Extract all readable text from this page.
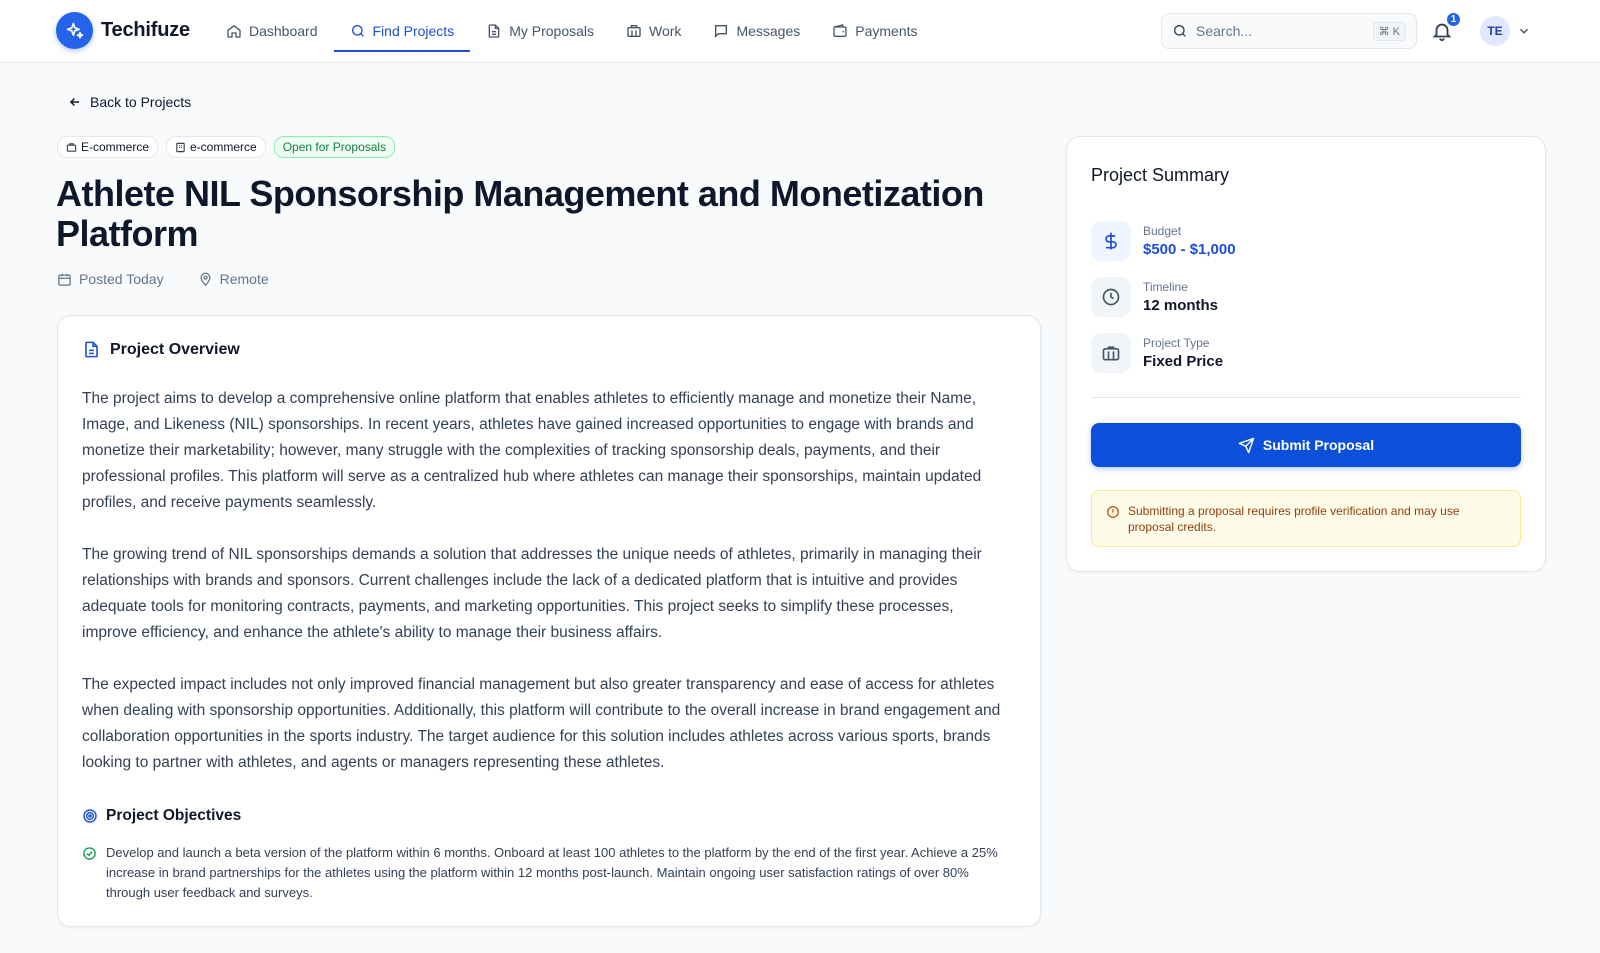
Techifuze	Dashboard	Find Projects	My Proposals	Work	Messages	Payments	Search...	⌘ K
1
TE
Back to Projects
E-commerce	e-commerce	Open for Proposals
Athlete NIL Sponsorship Management and Monetization Platform
Posted Today	Remote
Project Overview

The project aims to develop a comprehensive online platform that enables athletes to efficiently manage and monetize their Name, Image, and Likeness (NIL) sponsorships. In recent years, athletes have gained increased opportunities to engage with brands and monetize their marketability; however, many struggle with the complexities of tracking sponsorship deals, payments, and their professional profiles. This platform will serve as a centralized hub where athletes can manage their sponsorships, maintain updated profiles, and receive payments seamlessly.

The growing trend of NIL sponsorships demands a solution that addresses the unique needs of athletes, primarily in managing their relationships with brands and sponsors. Current challenges include the lack of a dedicated platform that is intuitive and provides adequate tools for monitoring contracts, payments, and marketing opportunities. This project seeks to simplify these processes, improve efficiency, and enhance the athlete's ability to manage their business affairs.

The expected impact includes not only improved financial management but also greater transparency and ease of access for athletes when dealing with sponsorship opportunities. Additionally, this platform will contribute to the overall increase in brand engagement and collaboration opportunities in the sports industry. The target audience for this solution includes athletes across various sports, brands looking to partner with athletes, and agents or managers representing these athletes.

Project Objectives
Develop and launch a beta version of the platform within 6 months. Onboard at least 100 athletes to the platform by the end of the first year. Achieve a 25% increase in brand partnerships for the athletes using the platform within 12 months post-launch. Maintain ongoing user satisfaction ratings of over 80% through user feedback and surveys.
Project Summary
Budget
$500 - $1,000
Timeline
12 months
Project Type
Fixed Price
Submit Proposal
Submitting a proposal requires profile verification and may use proposal credits.
